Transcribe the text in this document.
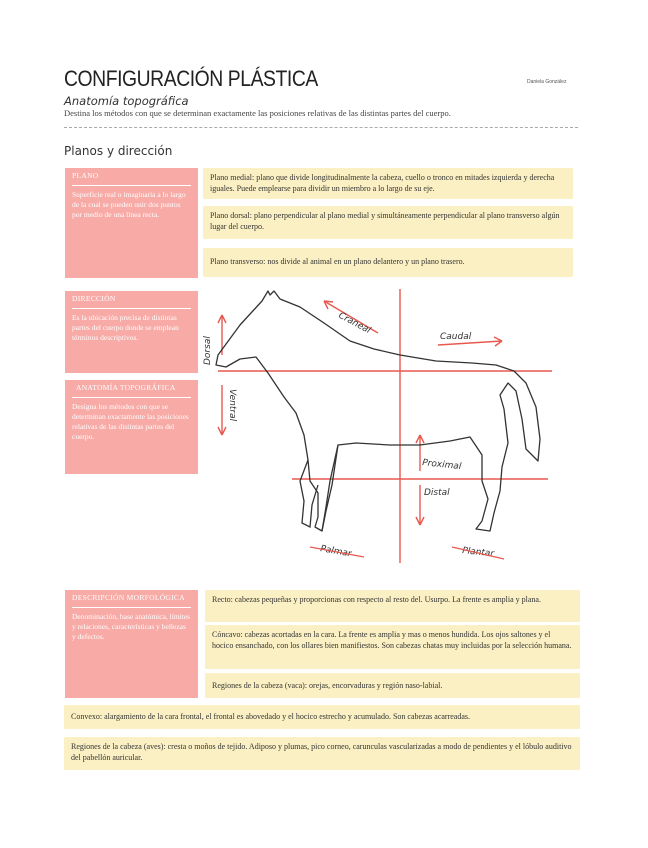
CONFIGURACIÓN PLÁSTICA	Daniela González
Anatomía topográfica
Destina los métodos con que se determinan exactamente las posiciones relativas de las distintas partes del cuerpo.
Planos y dirección
PLANO
Superficie real o imaginaria a lo largo de la cual se pueden unir dos puntos por medio de una línea recta.
Plano medial: plano que divide longitudinalmente la cabeza, cuello o tronco en mitades izquierda y derecha iguales. Puede emplearse para dividir un miembro a lo largo de su eje.
Plano dorsal: plano perpendicular al plano medial y simultáneamente perpendicular al plano transverso algún lugar del cuerpo.
Plano transverso: nos divide al animal en un plano delantero y un plano trasero.
DIRECCIÓN
Es la ubicación precisa de distintas partes del cuerpo donde se emplean términos descriptivos.
ANATOMÍA TOPOGRÁFICA
Designa los métodos con que se determinan exactamente las posiciones relativas de las distintas partes del cuerpo.
Craneal
Caudal
Dorsal
Ventral
Proximal
Distal
Palmar	Plantar
DESCRIPCIÓN MORFOLÓGICA
Denominación, base anatómica, límites y relaciones, características y bellezas y defectos.
Recto: cabezas pequeñas y proporcionas con respecto al resto del. Usurpo. La frente es amplia y plana.
Cóncavo: cabezas acortadas en la cara. La frente es amplia y mas o menos hundida. Los ojos saltones y el hocico ensanchado, con los ollares bien manifiestos. Son cabezas chatas muy incluidas por la selección humana.
Regiones de la cabeza (vaca): orejas, encorvaduras y región naso-labial.
Convexo: alargamiento de la cara frontal, el frontal es abovedado y el hocico estrecho y acumulado. Son cabezas acarreadas.
Regiones de la cabeza (aves): cresta o moños de tejido. Adiposo y plumas, pico corneo, carunculas vascularizadas a modo de pendientes y el lóbulo auditivo del pabellón auricular.
